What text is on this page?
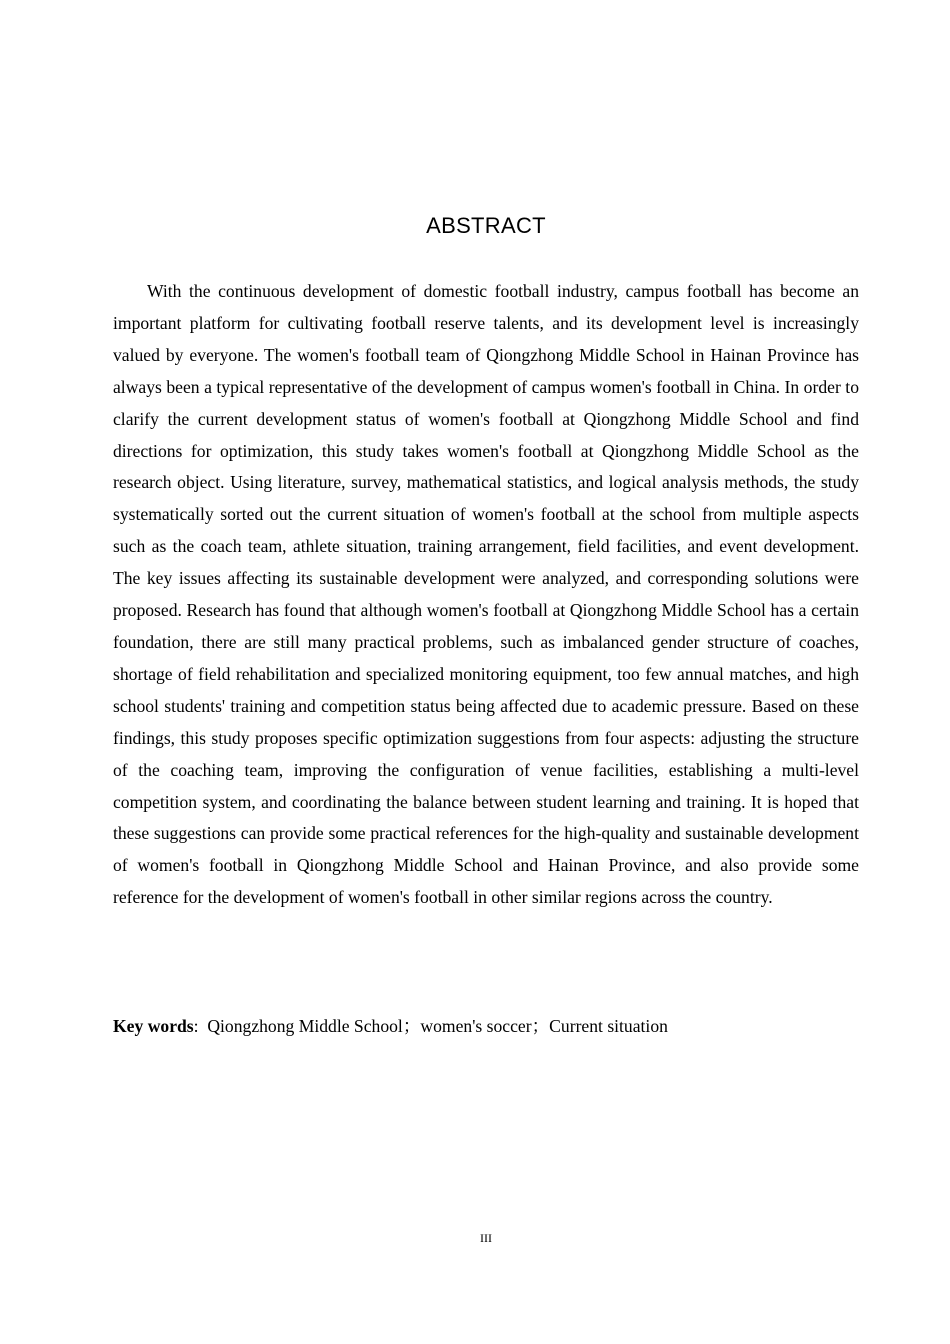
ABSTRACT

With the continuous development of domestic football industry, campus football has become an important platform for cultivating football reserve talents, and its development level is increasingly valued by everyone. The women's football team of Qiongzhong Middle School in Hainan Province has always been a typical representative of the development of campus women's football in China. In order to clarify the current development status of women's football at Qiongzhong Middle School and find directions for optimization, this study takes women's football at Qiongzhong Middle School as the research object. Using literature, survey, mathematical statistics, and logical analysis methods, the study systematically sorted out the current situation of women's football at the school from multiple aspects such as the coach team, athlete situation, training arrangement, field facilities, and event development. The key issues affecting its sustainable development were analyzed, and corresponding solutions were proposed. Research has found that although women's football at Qiongzhong Middle School has a certain foundation, there are still many practical problems, such as imbalanced gender structure of coaches, shortage of field rehabilitation and specialized monitoring equipment, too few annual matches, and high school students' training and competition status being affected due to academic pressure. Based on these findings, this study proposes specific optimization suggestions from four aspects: adjusting the structure of the coaching team, improving the configuration of venue facilities, establishing a multi-level competition system, and coordinating the balance between student learning and training. It is hoped that these suggestions can provide some practical references for the high-quality and sustainable development of women's football in Qiongzhong Middle School and Hainan Province, and also provide some reference for the development of women's football in other similar regions across the country.

Key words: Qiongzhong Middle School；women's soccer；Current situation
III
